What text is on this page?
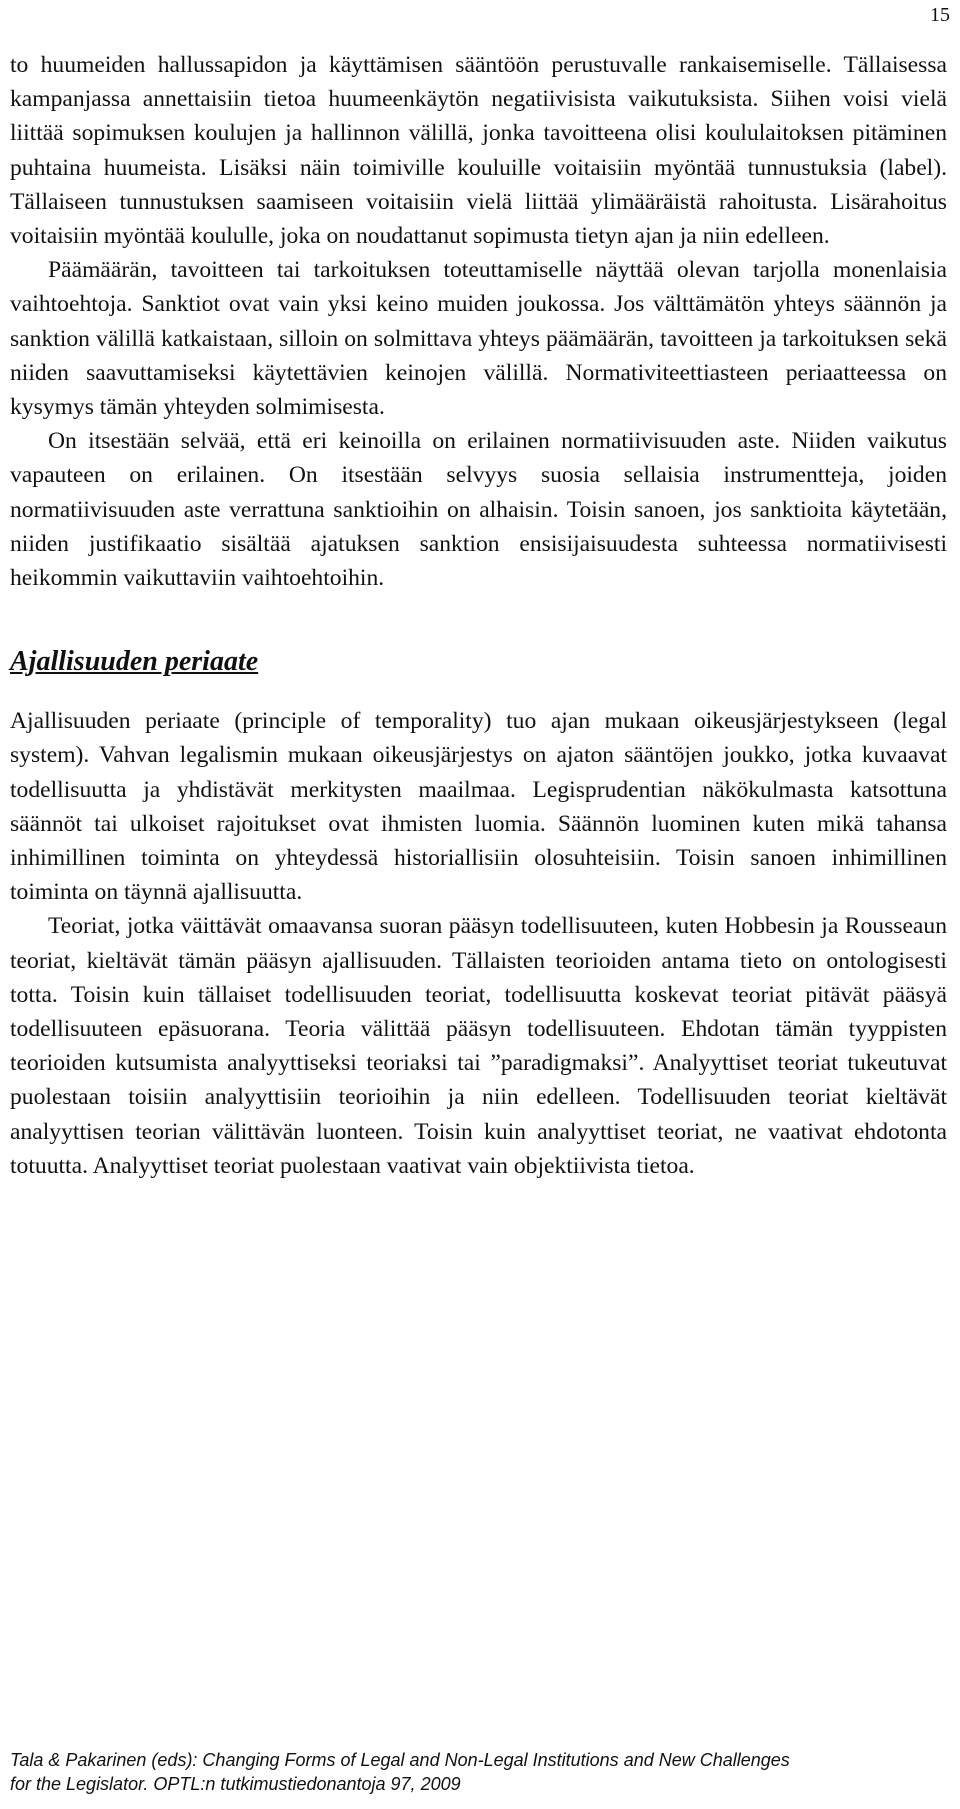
15

to huumeiden hallussapidon ja käyttämisen sääntöön perustuvalle rankaisemiselle. Tällaisessa kampanjassa annettaisiin tietoa huumeenkäytön negatiivisista vaikutuksista. Siihen voisi vielä liittää sopimuksen koulujen ja hallinnon välillä, jonka tavoitteena olisi koululaitoksen pitäminen puhtaina huumeista. Lisäksi näin toimiville kouluille voitaisiin myöntää tunnustuksia (label). Tällaiseen tunnustuksen saamiseen voitaisiin vielä liittää ylimääräistä rahoitusta. Lisärahoitus voitaisiin myöntää koululle, joka on noudattanut sopimusta tietyn ajan ja niin edelleen.

Päämäärän, tavoitteen tai tarkoituksen toteuttamiselle näyttää olevan tarjolla monenlaisia vaihtoehtoja. Sanktiot ovat vain yksi keino muiden joukossa. Jos välttämätön yhteys säännön ja sanktion välillä katkaistaan, silloin on solmittava yhteys päämäärän, tavoitteen ja tarkoituksen sekä niiden saavuttamiseksi käytettävien keinojen välillä. Normativiteettiasteen periaatteessa on kysymys tämän yhteyden solmimisesta.

On itsestään selvää, että eri keinoilla on erilainen normatiivisuuden aste. Niiden vaikutus vapauteen on erilainen. On itsestään selvyys suosia sellaisia instrumentteja, joiden normatiivisuuden aste verrattuna sanktioihin on alhaisin. Toisin sanoen, jos sanktioita käytetään, niiden justifikaatio sisältää ajatuksen sanktion ensisijaisuudesta suhteessa normatiivisesti heikommin vaikuttaviin vaihtoehtoihin.

Ajallisuuden periaate

Ajallisuuden periaate (principle of temporality) tuo ajan mukaan oikeusjärjestykseen (legal system). Vahvan legalismin mukaan oikeusjärjestys on ajaton sääntöjen joukko, jotka kuvaavat todellisuutta ja yhdistävät merkitysten maailmaa. Legisprudentian näkökulmasta katsottuna säännöt tai ulkoiset rajoitukset ovat ihmisten luomia. Säännön luominen kuten mikä tahansa inhimillinen toiminta on yhteydessä historiallisiin olosuhteisiin. Toisin sanoen inhimillinen toiminta on täynnä ajallisuutta.

Teoriat, jotka väittävät omaavansa suoran pääsyn todellisuuteen, kuten Hobbesin ja Rousseaun teoriat, kieltävät tämän pääsyn ajallisuuden. Tällaisten teorioiden antama tieto on ontologisesti totta. Toisin kuin tällaiset todellisuuden teoriat, todellisuutta koskevat teoriat pitävät pääsyä todellisuuteen epäsuorana. Teoria välittää pääsyn todellisuuteen. Ehdotan tämän tyyppisten teorioiden kutsumista analyyttiseksi teoriaksi tai ”paradigmaksi”. Analyyttiset teoriat tukeutuvat puolestaan toisiin analyyttisiin teorioihin ja niin edelleen. Todellisuuden teoriat kieltävät analyyttisen teorian välittävän luonteen. Toisin kuin analyyttiset teoriat, ne vaativat ehdotonta totuutta. Analyyttiset teoriat puolestaan vaativat vain objektiivista tietoa.

Tala & Pakarinen (eds): Changing Forms of Legal and Non-Legal Institutions and New Challenges
for the Legislator. OPTL:n tutkimustiedonantoja 97, 2009
